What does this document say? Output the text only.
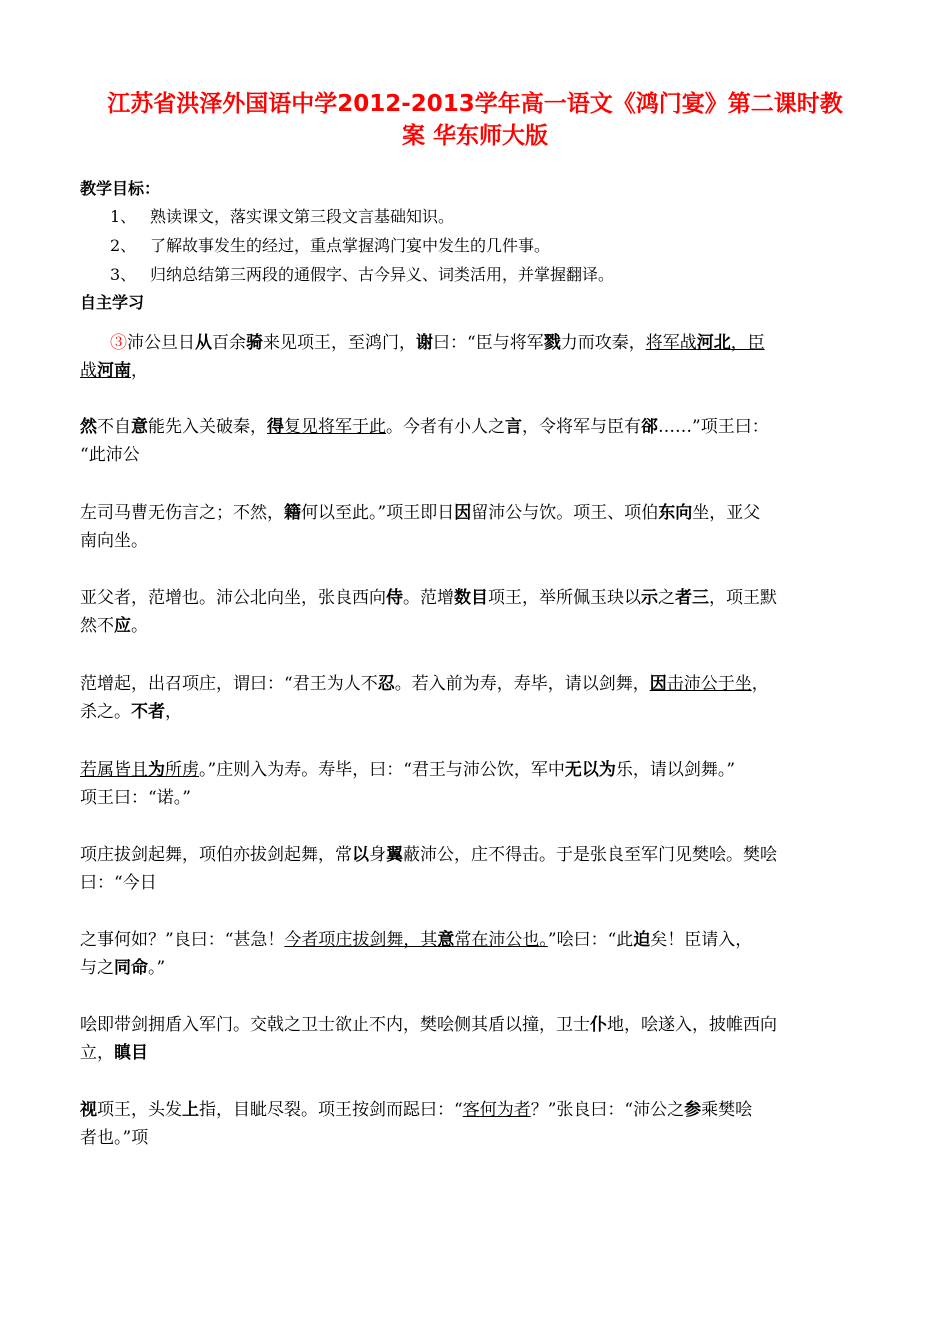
江苏省洪泽外国语中学2012-2013学年高一语文《鸿门宴》第二课时教
案 华东师大版
教学目标：
1、 熟读课文，落实课文第三段文言基础知识。
2、 了解故事发生的经过，重点掌握鸿门宴中发生的几件事。
3、 归纳总结第三两段的通假字、古今异义、词类活用，并掌握翻译。
自主学习
③沛公旦日从百余骑来见项王，至鸿门，谢曰：“臣与将军戮力而攻秦，将军战河北，臣
战河南，
然不自意能先入关破秦，得复见将军于此。今者有小人之言，令将军与臣有郤……”项王曰：
“此沛公
左司马曹无伤言之；不然，籍何以至此。”项王即日因留沛公与饮。项王、项伯东向坐，亚父
南向坐。
亚父者，范增也。沛公北向坐，张良西向侍。范增数目项王，举所佩玉玦以示之者三，项王默
然不应。
范增起，出召项庄，谓曰：“君王为人不忍。若入前为寿，寿毕，请以剑舞，因击沛公于坐，
杀之。不者，
若属皆且为所虏。”庄则入为寿。寿毕，曰：“君王与沛公饮，军中无以为乐，请以剑舞。”
项王曰：“诺。”
项庄拔剑起舞，项伯亦拔剑起舞，常以身翼蔽沛公，庄不得击。于是张良至军门见樊哙。樊哙
曰：“今日
之事何如？”良曰：“甚急！今者项庄拔剑舞，其意常在沛公也。”哙曰：“此迫矣！臣请入，
与之同命。”
哙即带剑拥盾入军门。交戟之卫士欲止不内，樊哙侧其盾以撞，卫士仆地，哙遂入，披帷西向
立，瞋目
视项王，头发上指，目眦尽裂。项王按剑而跽曰：“客何为者？”张良曰：“沛公之参乘樊哙
者也。”项
